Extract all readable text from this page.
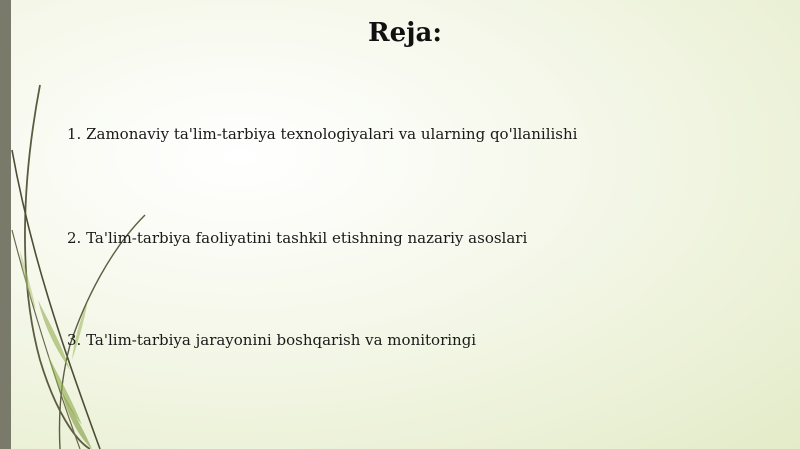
Reja:
1. Zamonaviy ta'lim-tarbiya texnologiyalari va ularning qo'llanilishi
2. Ta'lim-tarbiya faoliyatini tashkil etishning nazariy asoslari
3. Ta'lim-tarbiya jarayonini boshqarish va monitoringi
